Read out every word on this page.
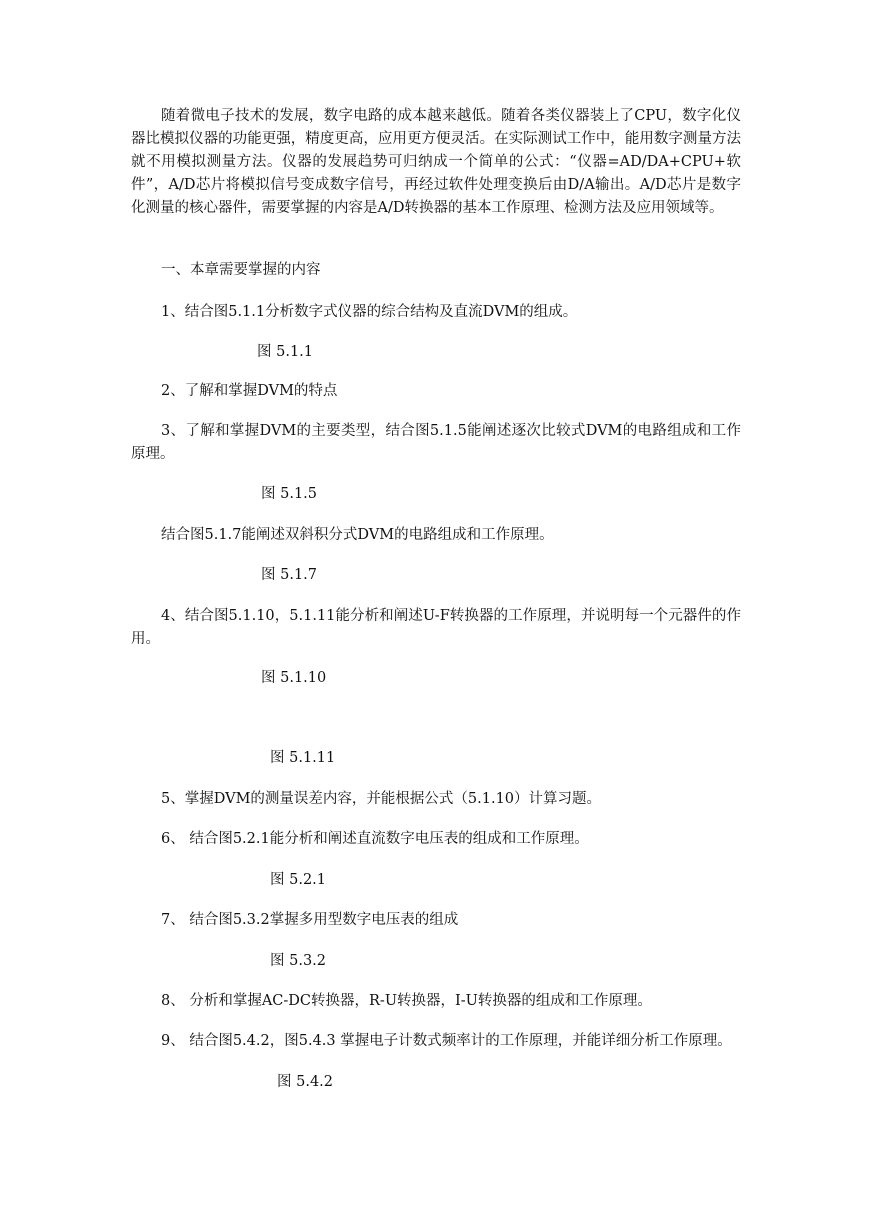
随着微电子技术的发展，数字电路的成本越来越低。随着各类仪器装上了CPU，数字化仪器比模拟仪器的功能更强，精度更高，应用更方便灵活。在实际测试工作中，能用数字测量方法就不用模拟测量方法。仪器的发展趋势可归纳成一个简单的公式：“仪器=AD/DA+CPU+软件”，A/D芯片将模拟信号变成数字信号，再经过软件处理变换后由D/A输出。A/D芯片是数字化测量的核心器件，需要掌握的内容是A/D转换器的基本工作原理、检测方法及应用领域等。

一、本章需要掌握的内容

1、结合图5.1.1分析数字式仪器的综合结构及直流DVM的组成。

图 5.1.1

2、了解和掌握DVM的特点

3、了解和掌握DVM的主要类型，结合图5.1.5能阐述逐次比较式DVM的电路组成和工作原理。

图 5.1.5

结合图5.1.7能阐述双斜积分式DVM的电路组成和工作原理。

图 5.1.7

4、结合图5.1.10，5.1.11能分析和阐述U-F转换器的工作原理，并说明每一个元器件的作用。

图 5.1.10

图 5.1.11

5、掌握DVM的测量误差内容，并能根据公式（5.1.10）计算习题。

6、 结合图5.2.1能分析和阐述直流数字电压表的组成和工作原理。

图 5.2.1

7、 结合图5.3.2掌握多用型数字电压表的组成

图 5.3.2

8、 分析和掌握AC-DC转换器，R-U转换器，I-U转换器的组成和工作原理。

9、 结合图5.4.2，图5.4.3 掌握电子计数式频率计的工作原理，并能详细分析工作原理。

图 5.4.2
